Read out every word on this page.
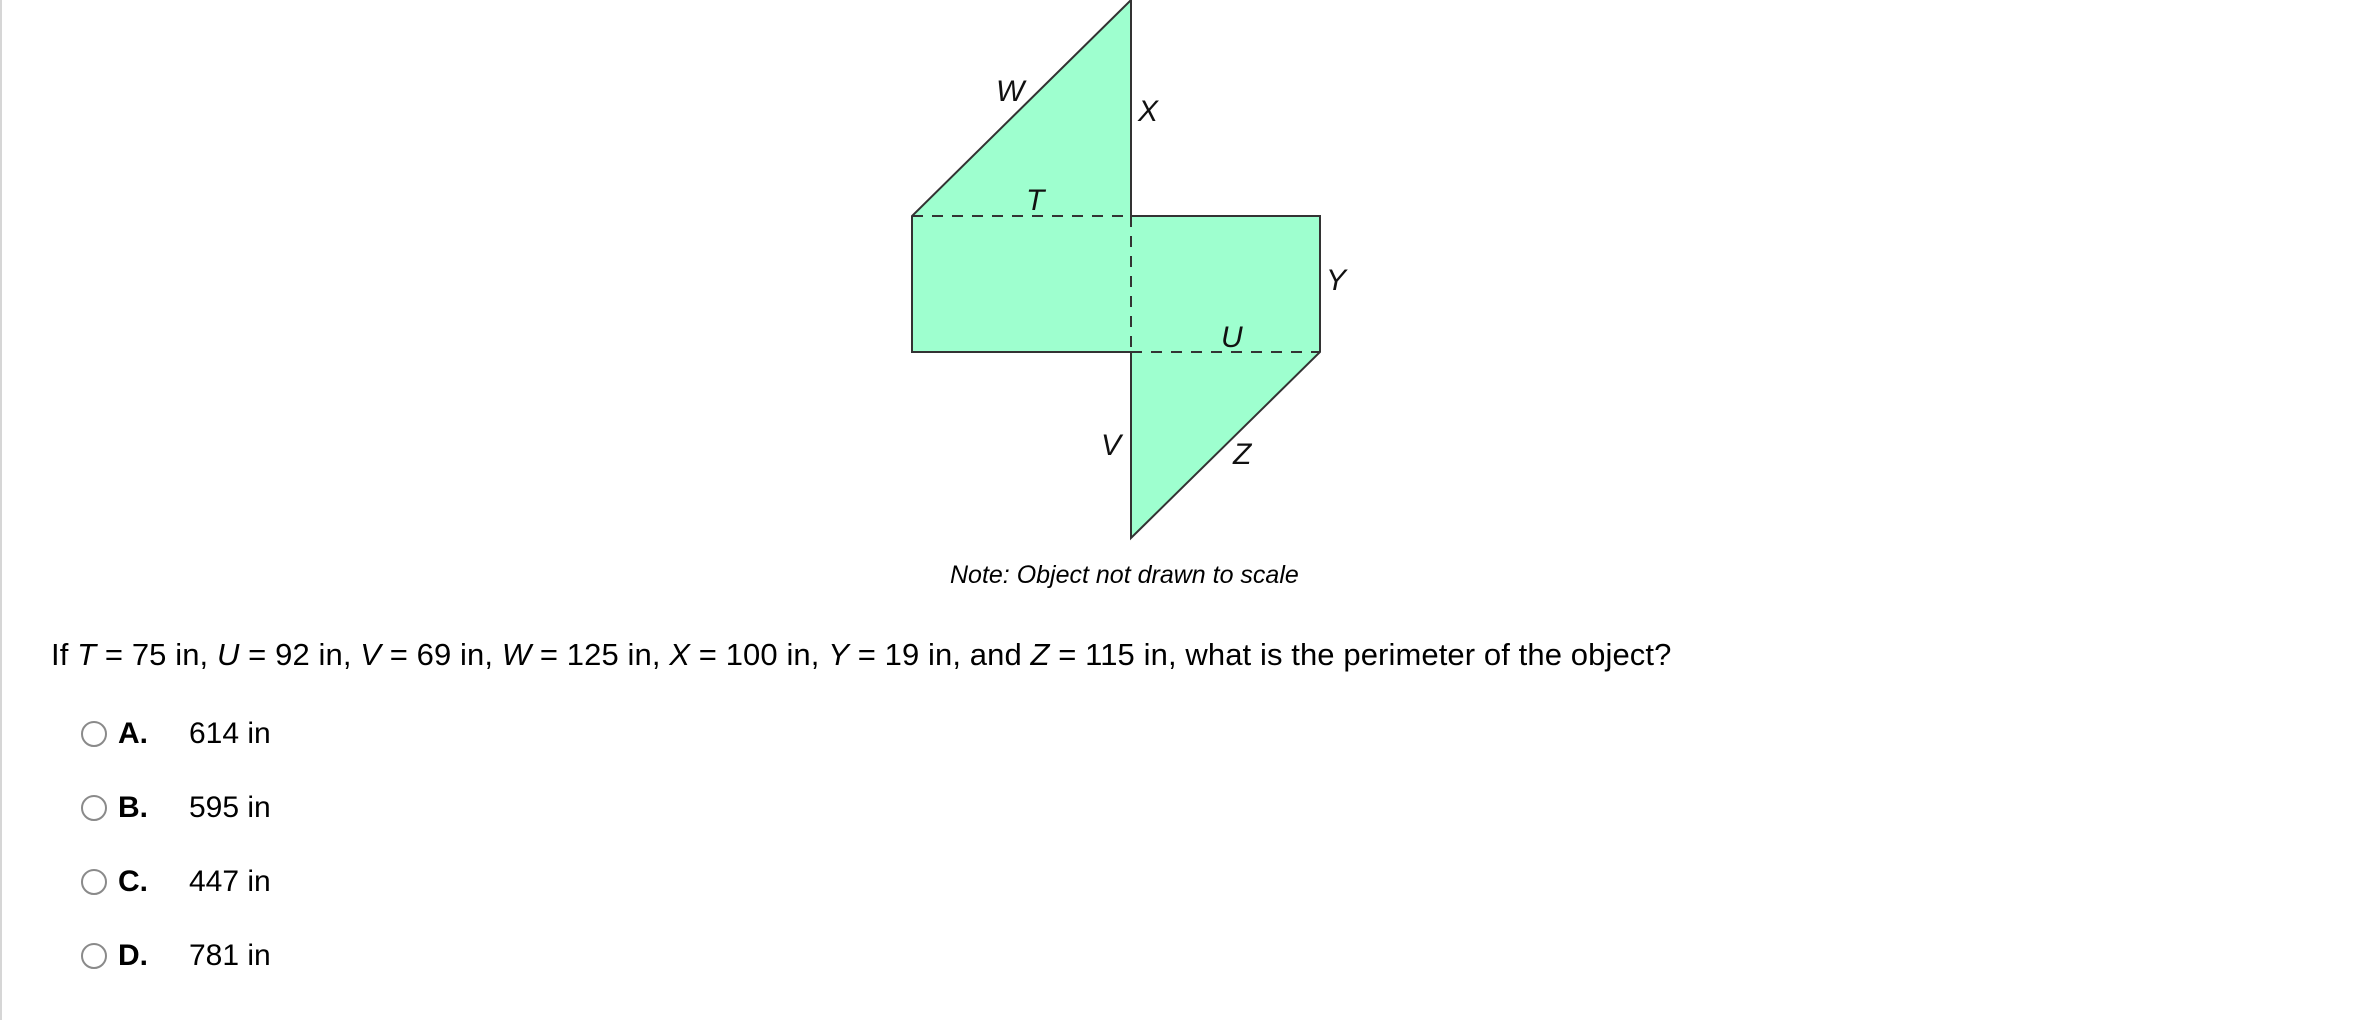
W
X
T
Y
U
V	Z
Note: Object not drawn to scale
If T = 75 in, U = 92 in, V = 69 in, W = 125 in, X = 100 in, Y = 19 in, and Z = 115 in, what is the perimeter of the object?
A.	614 in
B.	595 in
C.	447 in
D.	781 in
